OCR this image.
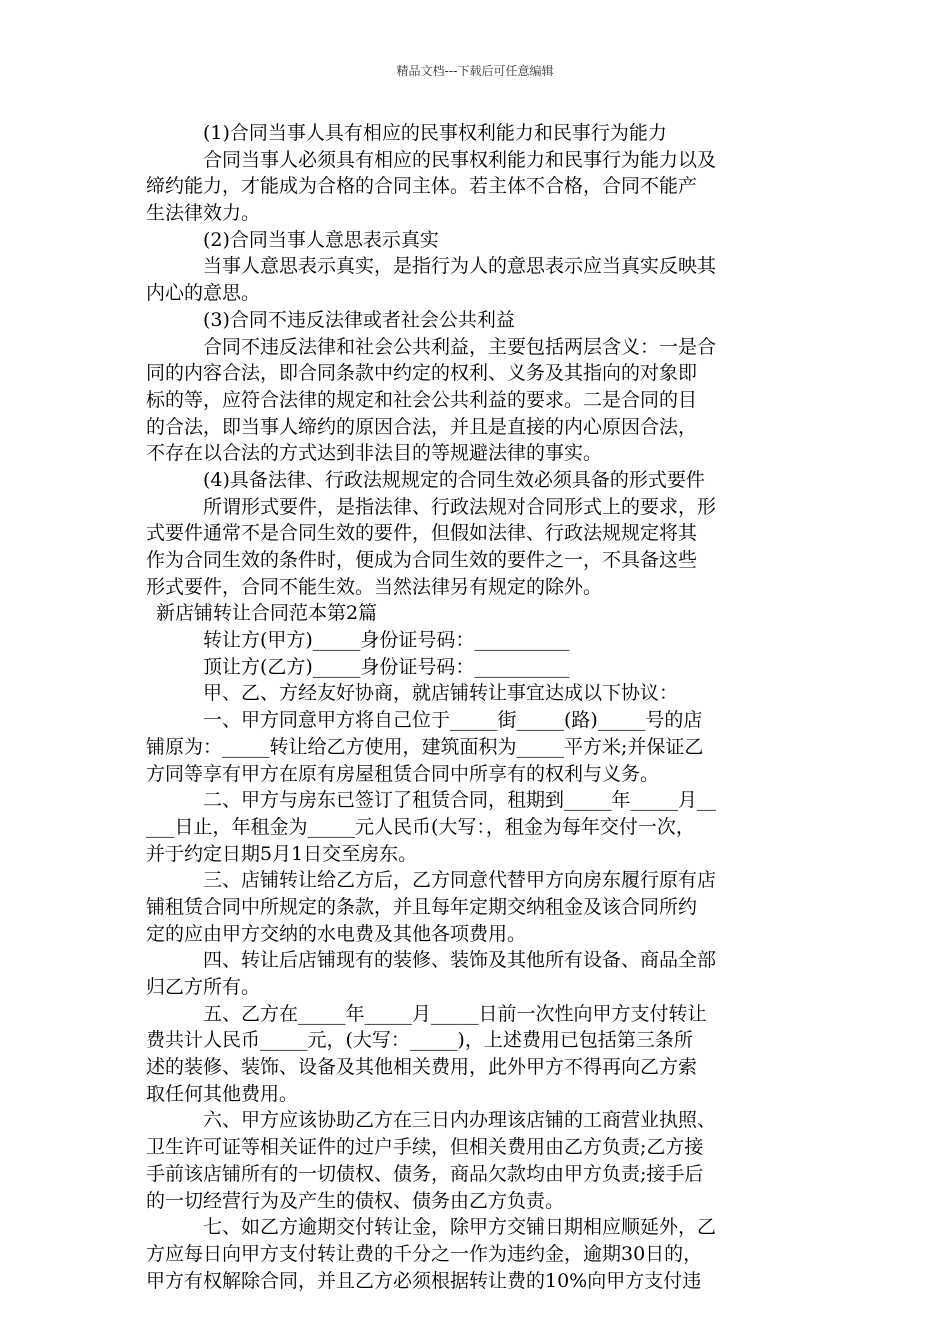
精品文档---下载后可任意编辑
(1)合同当事人具有相应的民事权利能力和民事行为能力
合同当事人必须具有相应的民事权利能力和民事行为能力以及
缔约能力，才能成为合格的合同主体。若主体不合格，合同不能产
生法律效力。
(2)合同当事人意思表示真实
当事人意思表示真实，是指行为人的意思表示应当真实反映其
内心的意思。
(3)合同不违反法律或者社会公共利益
合同不违反法律和社会公共利益，主要包括两层含义：一是合
同的内容合法，即合同条款中约定的权利、义务及其指向的对象即
标的等，应符合法律的规定和社会公共利益的要求。二是合同的目
的合法，即当事人缔约的原因合法，并且是直接的内心原因合法，
不存在以合法的方式达到非法目的等规避法律的事实。
(4)具备法律、行政法规规定的合同生效必须具备的形式要件
所谓形式要件，是指法律、行政法规对合同形式上的要求，形
式要件通常不是合同生效的要件，但假如法律、行政法规规定将其
作为合同生效的条件时，便成为合同生效的要件之一，不具备这些
形式要件，合同不能生效。当然法律另有规定的除外。
新店铺转让合同范本第2篇
转让方(甲方)_____身份证号码：__________
顶让方(乙方)_____身份证号码：__________
甲、乙、方经友好协商，就店铺转让事宜达成以下协议：
一、甲方同意甲方将自己位于_____街_____(路)_____号的店
铺原为：_____转让给乙方使用，建筑面积为_____平方米;并保证乙
方同等享有甲方在原有房屋租赁合同中所享有的权利与义务。
二、甲方与房东已签订了租赁合同，租期到_____年_____月__
___日止，年租金为_____元人民币(大写：，租金为每年交付一次，
并于约定日期5月1日交至房东。
三、店铺转让给乙方后，乙方同意代替甲方向房东履行原有店
铺租赁合同中所规定的条款，并且每年定期交纳租金及该合同所约
定的应由甲方交纳的水电费及其他各项费用。
四、转让后店铺现有的装修、装饰及其他所有设备、商品全部
归乙方所有。
五、乙方在_____年_____月_____日前一次性向甲方支付转让
费共计人民币_____元，(大写：_____)，上述费用已包括第三条所
述的装修、装饰、设备及其他相关费用，此外甲方不得再向乙方索
取任何其他费用。
六、甲方应该协助乙方在三日内办理该店铺的工商营业执照、
卫生许可证等相关证件的过户手续，但相关费用由乙方负责;乙方接
手前该店铺所有的一切债权、债务，商品欠款均由甲方负责;接手后
的一切经营行为及产生的债权、债务由乙方负责。
七、如乙方逾期交付转让金，除甲方交铺日期相应顺延外，乙
方应每日向甲方支付转让费的千分之一作为违约金，逾期30日的，
甲方有权解除合同，并且乙方必须根据转让费的10%向甲方支付违
